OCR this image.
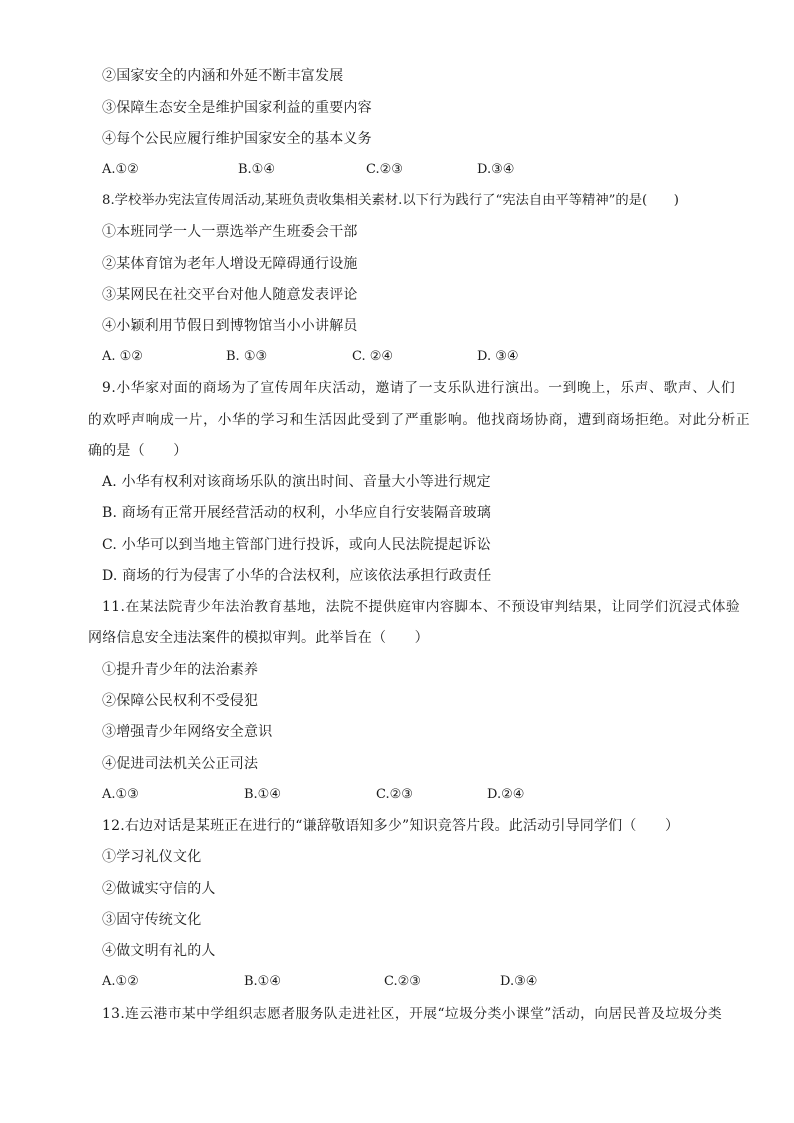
②国家安全的内涵和外延不断丰富发展
③保障生态安全是维护国家利益的重要内容
④每个公民应履行维护国家安全的基本义务
A.①②	B.①④	C.②③	D.③④
8.学校举办宪法宣传周活动,某班负责收集相关素材.以下行为践行了“宪法自由平等精神”的是(　　)
①本班同学一人一票选举产生班委会干部
②某体育馆为老年人增设无障碍通行设施
③某网民在社交平台对他人随意发表评论
④小颖利用节假日到博物馆当小小讲解员
A. ①②	B. ①③	C. ②④	D. ③④
9.小华家对面的商场为了宣传周年庆活动，邀请了一支乐队进行演出。一到晚上，乐声、歌声、人们
的欢呼声响成一片，小华的学习和生活因此受到了严重影响。他找商场协商，遭到商场拒绝。对此分析正
确的是（　　）
A. 小华有权利对该商场乐队的演出时间、音量大小等进行规定
B. 商场有正常开展经营活动的权利，小华应自行安装隔音玻璃
C. 小华可以到当地主管部门进行投诉，或向人民法院提起诉讼
D. 商场的行为侵害了小华的合法权利，应该依法承担行政责任
11.在某法院青少年法治教育基地，法院不提供庭审内容脚本、不预设审判结果，让同学们沉浸式体验
网络信息安全违法案件的模拟审判。此举旨在（　　）
①提升青少年的法治素养
②保障公民权利不受侵犯
③增强青少年网络安全意识
④促进司法机关公正司法
A.①③	B.①④	C.②③	D.②④
12.右边对话是某班正在进行的“谦辞敬语知多少”知识竞答片段。此活动引导同学们（　　）
①学习礼仪文化
②做诚实守信的人
③固守传统文化
④做文明有礼的人
A.①②	B.①④	C.②③	D.③④
13.连云港市某中学组织志愿者服务队走进社区，开展“垃圾分类小课堂”活动，向居民普及垃圾分类
